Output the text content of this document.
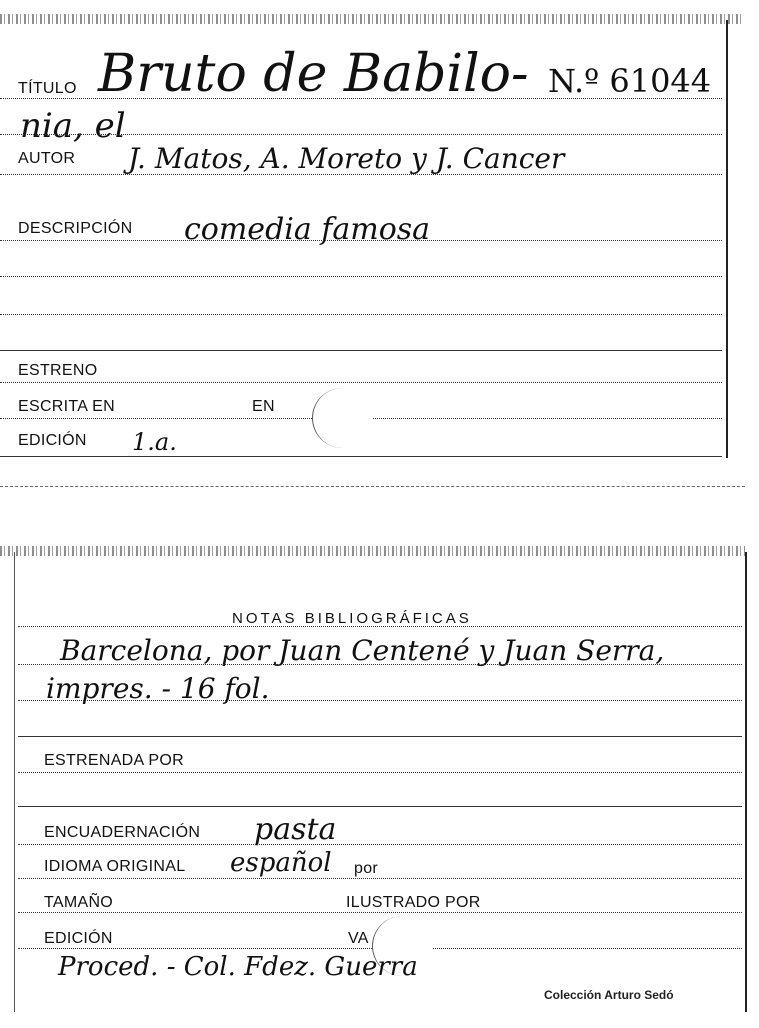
TÍTULO Bruto de Babilo- N.º 61044
nia, el
AUTOR J. Matos, A. Moreto y J. Cancer
DESCRIPCIÓN comedia famosa
ESTRENO
ESCRITA EN	EN
EDICIÓN 1.a.
NOTAS BIBLIOGRÁFICAS
Barcelona, por Juan Centené y Juan Serra,
impres. - 16 fol.
ESTRENADA POR
ENCUADERNACIÓN pasta
IDIOMA ORIGINAL español por
TAMAÑO	ILUSTRADO POR
EDICIÓN	VA
Proced. - Col. Fdez. Guerra
Colección Arturo Sedó
